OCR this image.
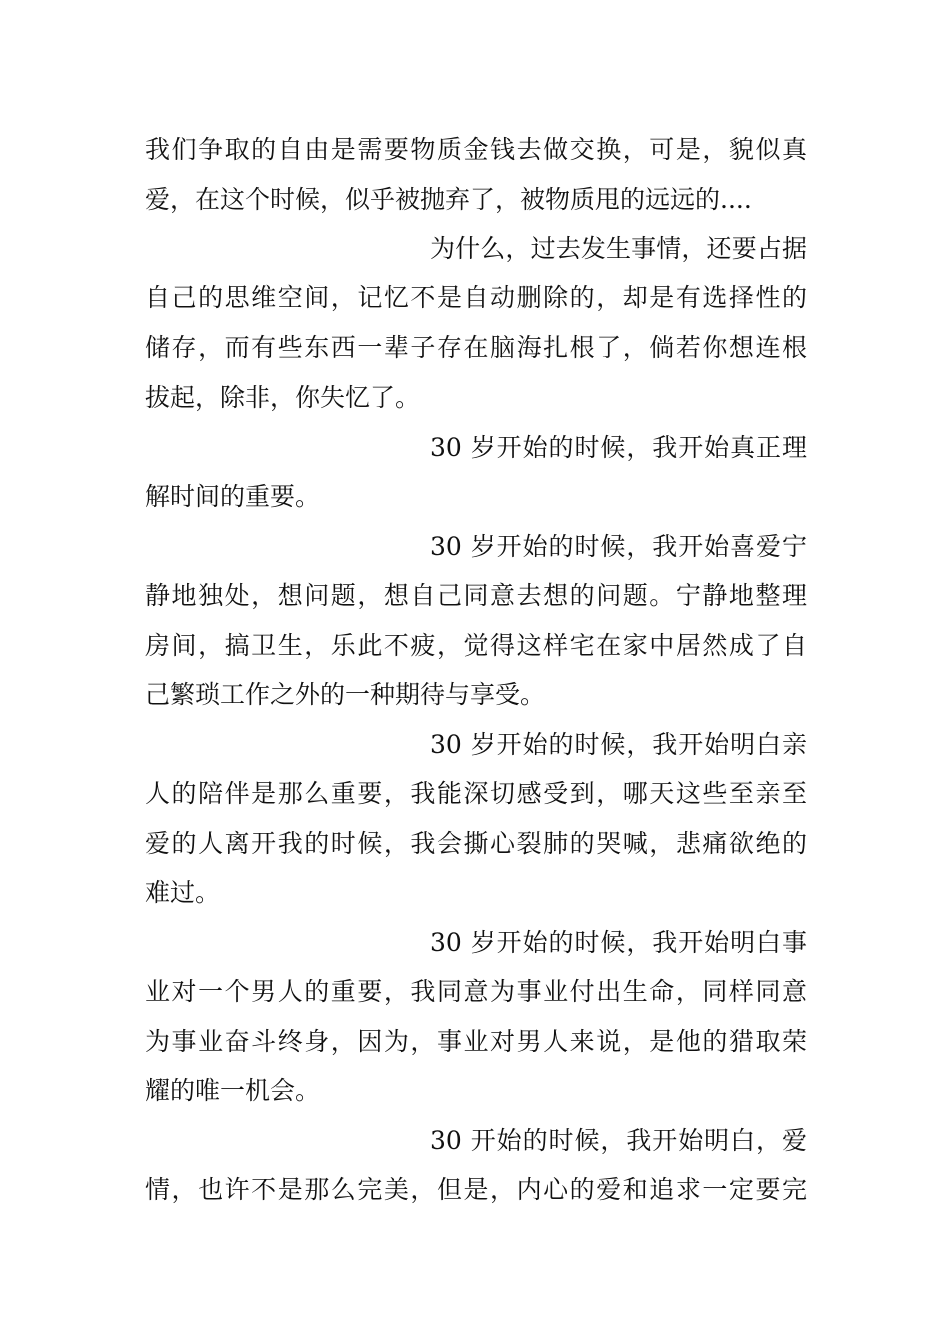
我们争取的自由是需要物质金钱去做交换，可是，貌似真
爱，在这个时候，似乎被抛弃了，被物质甩的远远的....
为什么，过去发生事情，还要占据
自己的思维空间，记忆不是自动删除的，却是有选择性的
储存，而有些东西一辈子存在脑海扎根了，倘若你想连根
拔起，除非，你失忆了。
30 岁开始的时候，我开始真正理
解时间的重要。
30 岁开始的时候，我开始喜爱宁
静地独处，想问题，想自己同意去想的问题。宁静地整理
房间，搞卫生，乐此不疲，觉得这样宅在家中居然成了自
己繁琐工作之外的一种期待与享受。
30 岁开始的时候，我开始明白亲
人的陪伴是那么重要，我能深切感受到，哪天这些至亲至
爱的人离开我的时候，我会撕心裂肺的哭喊，悲痛欲绝的
难过。
30 岁开始的时候，我开始明白事
业对一个男人的重要，我同意为事业付出生命，同样同意
为事业奋斗终身，因为，事业对男人来说，是他的猎取荣
耀的唯一机会。
30 开始的时候，我开始明白，爱
情，也许不是那么完美，但是，内心的爱和追求一定要完
